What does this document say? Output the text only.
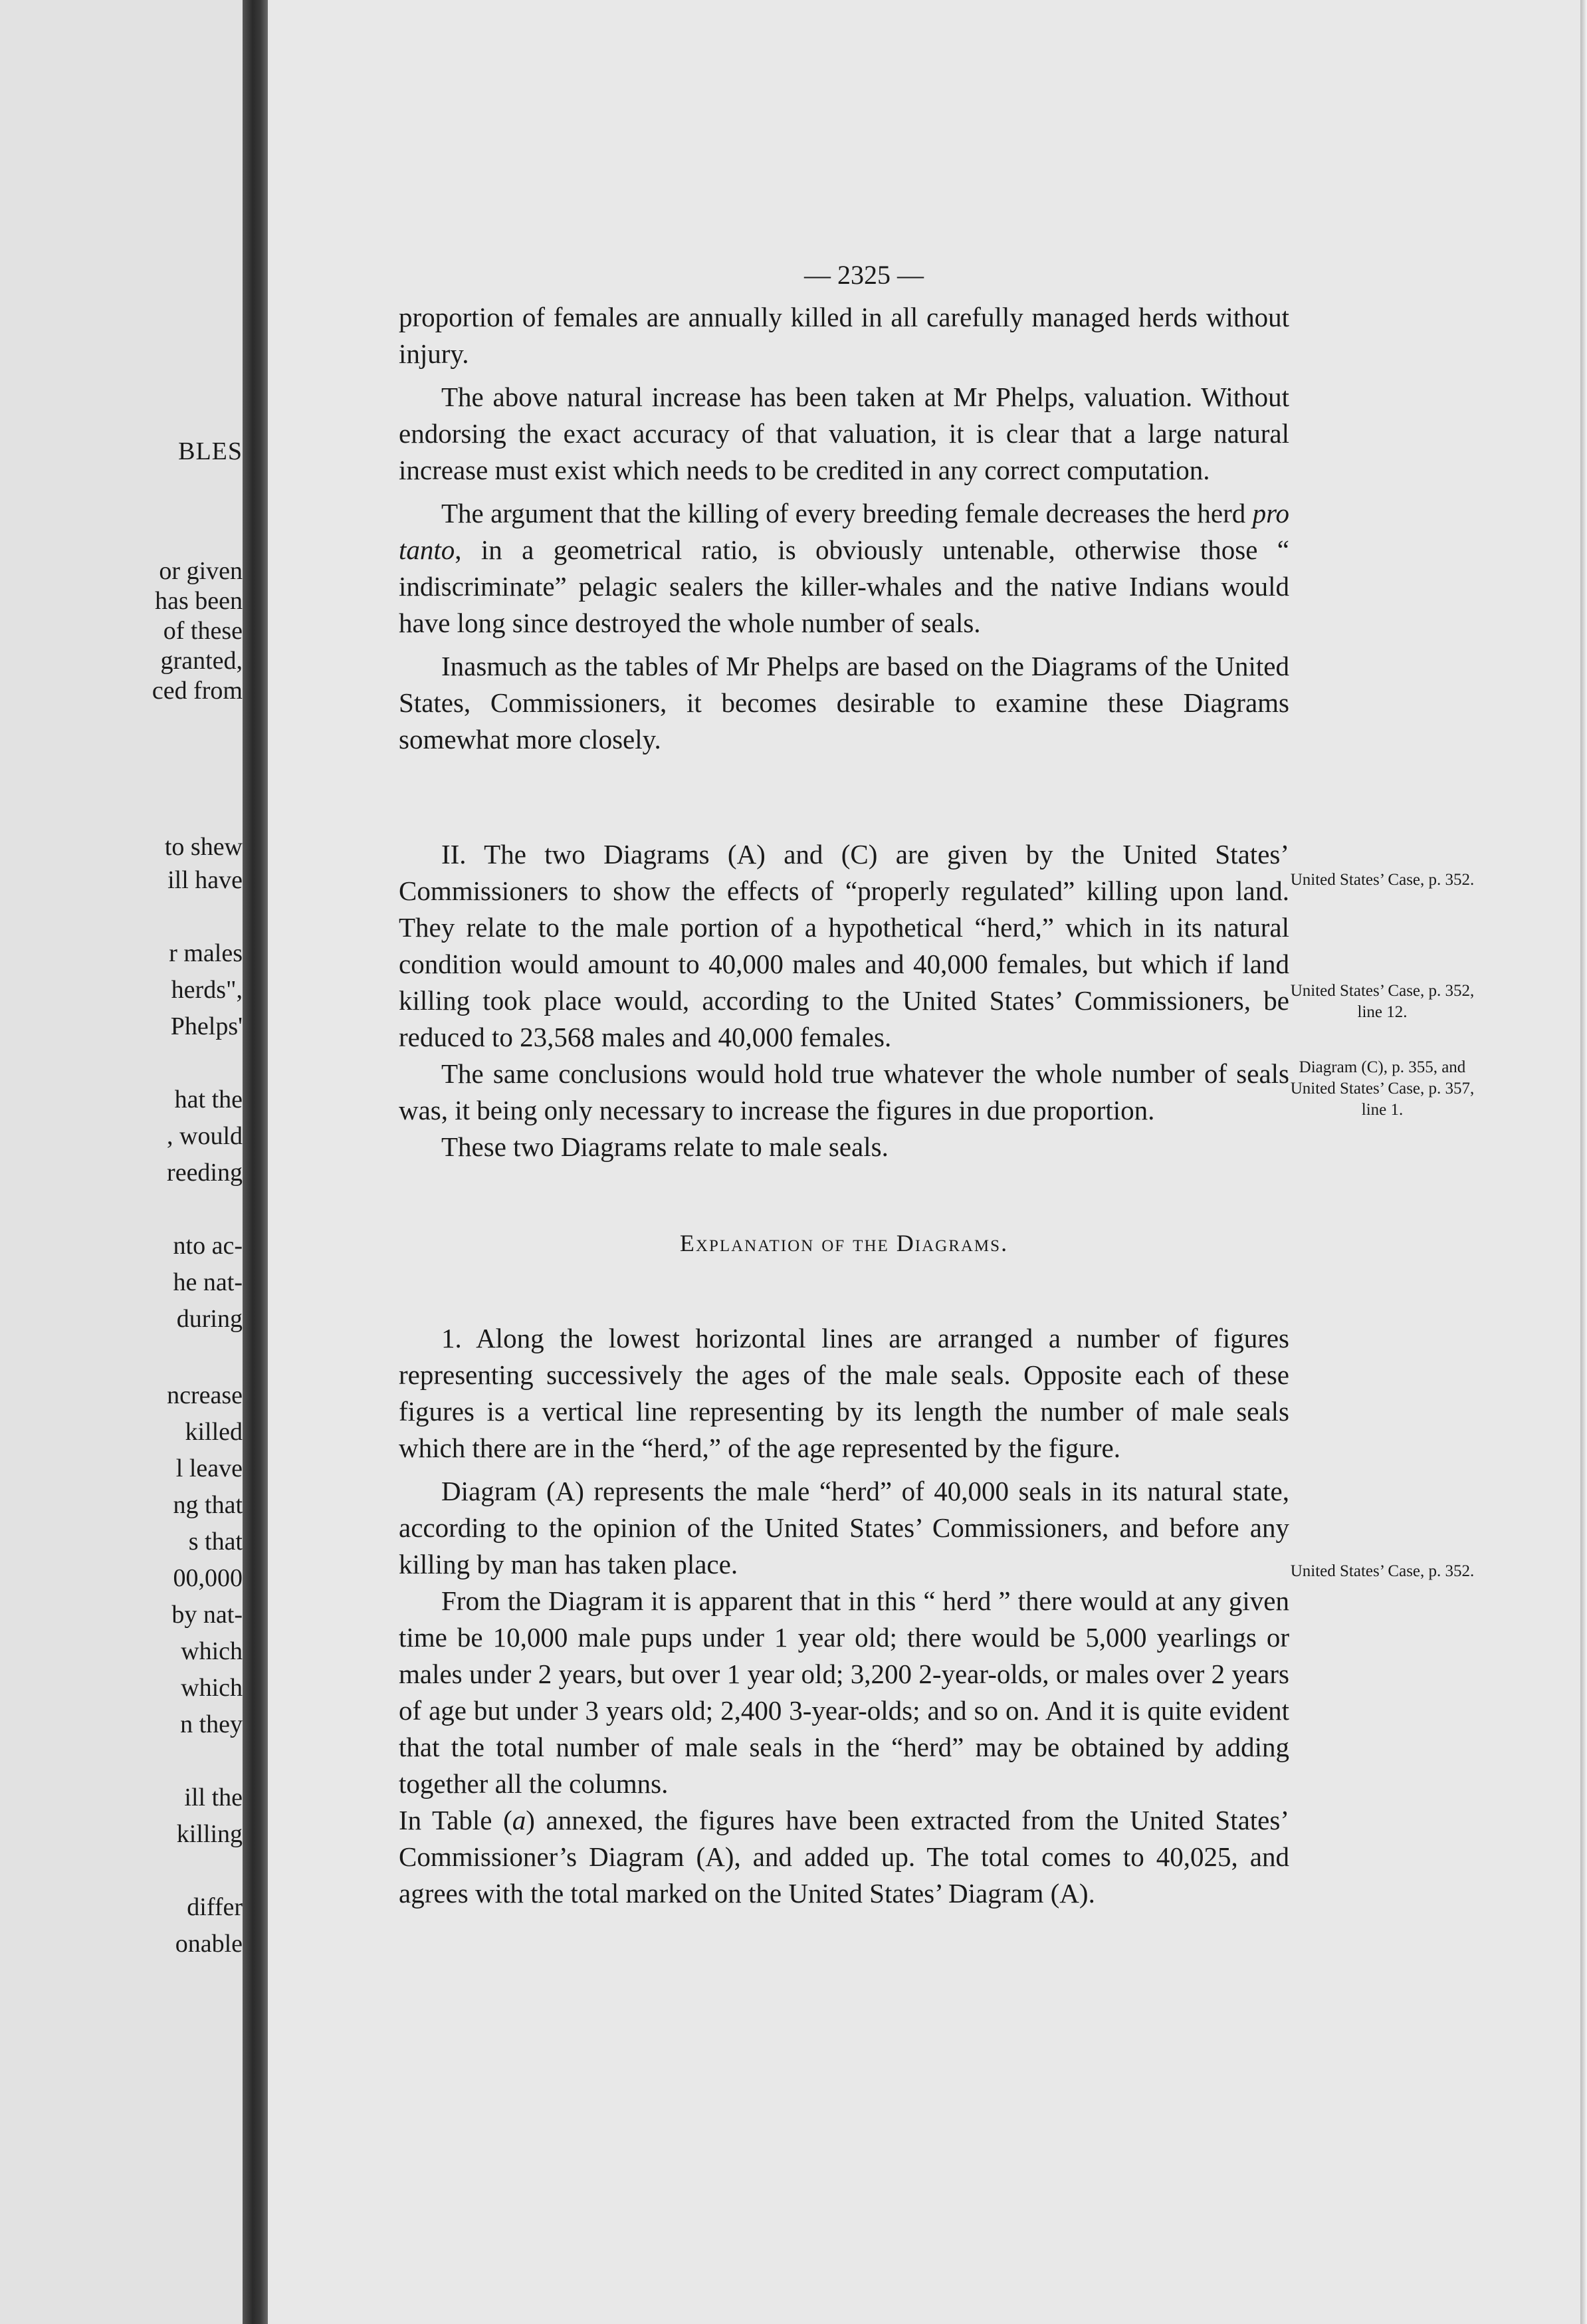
BLES

or given

has been

of these

granted,

ced from

to shew

ill have

r males

herds",

Phelps'

hat the

, would

reeding

nto ac-

he nat-

during

ncrease

killed

l leave

ng that

s that

00,000

by nat-

which

which

n they

ill the

killing

differ

onable

— 2325 —

proportion of females are annually killed in all carefully managed herds without injury.

The above natural increase has been taken at Mr Phelps, valuation. Without endorsing the exact accuracy of that valuation, it is clear that a large natural increase must exist which needs to be credited in any correct computation.

The argument that the killing of every breeding female decreases the herd pro tanto, in a geometrical ratio, is obviously untenable, otherwise those “ indiscriminate” pelagic sealers the killer-whales and the native Indians would have long since destroyed the whole number of seals.

Inasmuch as the tables of Mr Phelps are based on the Diagrams of the United States, Commissioners, it becomes desirable to examine these Diagrams somewhat more closely.

II. The two Diagrams (A) and (C) are given by the United States’ Commissioners to show the effects of “properly regulated” killing upon land. They relate to the male portion of a hypothetical “herd,” which in its natural condition would amount to 40,000 males and 40,000 females, but which if land killing took place would, according to the United States’ Commissioners, be reduced to 23,568 males and 40,000 females.

The same conclusions would hold true whatever the whole number of seals was, it being only necessary to increase the figures in due proportion.

These two Diagrams relate to male seals.

Explanation of the Diagrams.

1. Along the lowest horizontal lines are arranged a number of figures representing successively the ages of the male seals. Opposite each of these figures is a vertical line representing by its length the number of male seals which there are in the “herd,” of the age represented by the figure.

Diagram (A) represents the male “herd” of 40,000 seals in its natural state, according to the opinion of the United States’ Commissioners, and before any killing by man has taken place.

From the Diagram it is apparent that in this “ herd ” there would at any given time be 10,000 male pups under 1 year old; there would be 5,000 yearlings or males under 2 years, but over 1 year old; 3,200 2-year-olds, or males over 2 years of age but under 3 years old; 2,400 3-year-olds; and so on. And it is quite evident that the total number of male seals in the “herd” may be obtained by adding together all the columns.

In Table (a) annexed, the figures have been extracted from the United States’ Commissioner’s Diagram (A), and added up. The total comes to 40,025, and agrees with the total marked on the United States’ Diagram (A).

United States’ Case, p. 352.

United States’ Case, p. 352, line 12.

Diagram (C), p. 355, and United States’ Case, p. 357, line 1.

United States’ Case, p. 352.
